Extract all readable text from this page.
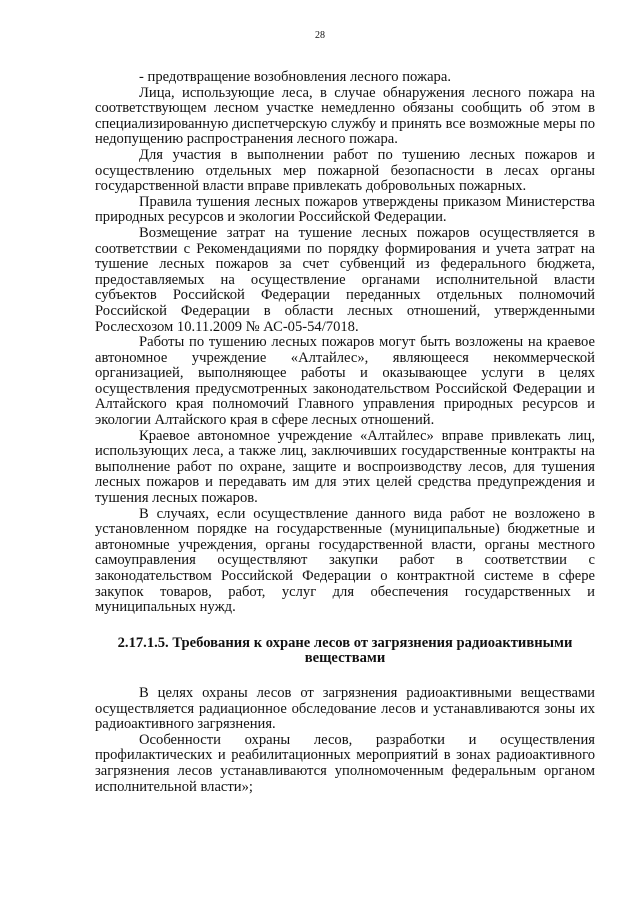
28

- предотвращение возобновления лесного пожара.

Лица, использующие леса, в случае обнаружения лесного пожара на соответствующем лесном участке немедленно обязаны сообщить об этом в специализированную диспетчерскую службу и принять все возможные меры по недопущению распространения лесного пожара.

Для участия в выполнении работ по тушению лесных пожаров и осуществлению отдельных мер пожарной безопасности в лесах органы государственной власти вправе привлекать добровольных пожарных.

Правила тушения лесных пожаров утверждены приказом Министерства природных ресурсов и экологии Российской Федерации.

Возмещение затрат на тушение лесных пожаров осуществляется в соответствии с Рекомендациями по порядку формирования и учета затрат на тушение лесных пожаров за счет субвенций из федерального бюджета, предоставляемых на осуществление органами исполнительной власти субъектов Российской Федерации переданных отдельных полномочий Российской Федерации в области лесных отношений, утвержденными Рослесхозом 10.11.2009 № АС-05-54/7018.

Работы по тушению лесных пожаров могут быть возложены на краевое автономное учреждение «Алтайлес», являющееся некоммерческой организацией, выполняющее работы и оказывающее услуги в целях осуществления предусмотренных законодательством Российской Федерации и Алтайского края полномочий Главного управления природных ресурсов и экологии Алтайского края в сфере лесных отношений.

Краевое автономное учреждение «Алтайлес» вправе привлекать лиц, использующих леса, а также лиц, заключивших государственные контракты на выполнение работ по охране, защите и воспроизводству лесов, для тушения лесных пожаров и передавать им для этих целей средства предупреждения и тушения лесных пожаров.

В случаях, если осуществление данного вида работ не возложено в установленном порядке на государственные (муниципальные) бюджетные и автономные учреждения, органы государственной власти, органы местного самоуправления осуществляют закупки работ в соответствии с законодательством Российской Федерации о контрактной системе в сфере закупок товаров, работ, услуг для обеспечения государственных и муниципальных нужд.

2.17.1.5. Требования к охране лесов от загрязнения радиоактивными веществами

В целях охраны лесов от загрязнения радиоактивными веществами осуществляется радиационное обследование лесов и устанавливаются зоны их радиоактивного загрязнения.

Особенности охраны лесов, разработки и осуществления профилактических и реабилитационных мероприятий в зонах радиоактивного загрязнения лесов устанавливаются уполномоченным федеральным органом исполнительной власти»;
